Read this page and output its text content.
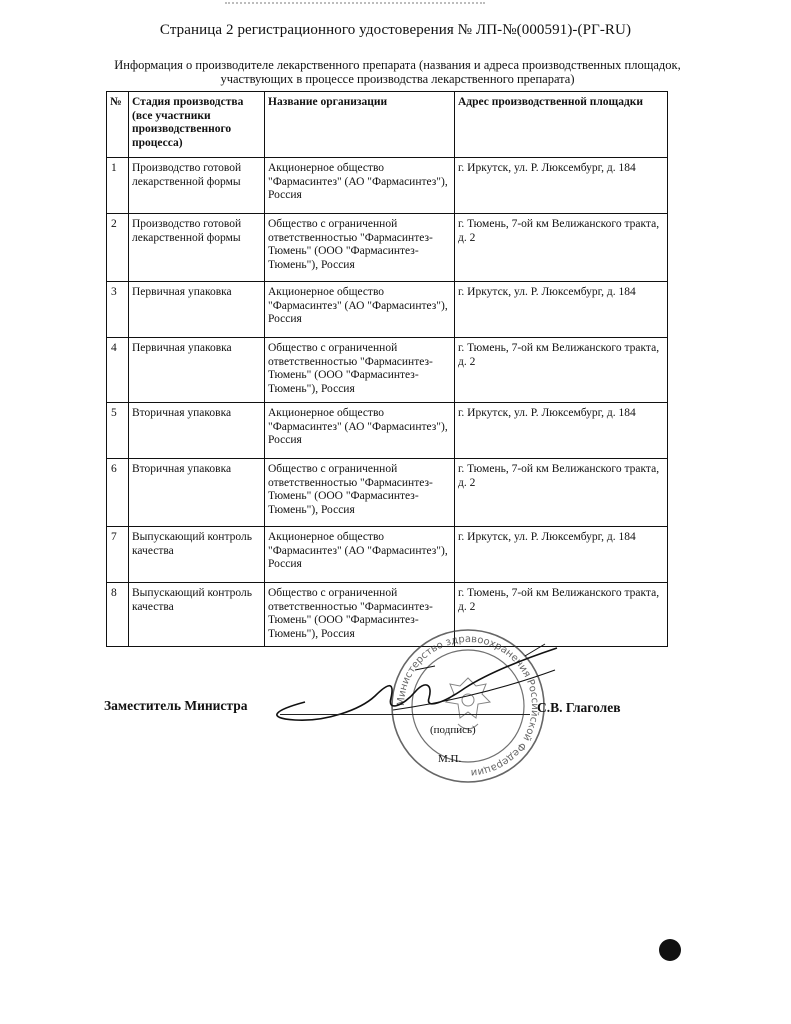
Страница 2 регистрационного удостоверения № ЛП-№(000591)-(РГ-RU)
Информация о производителе лекарственного препарата (названия и адреса производственных площадок,
участвующих в процессе производства лекарственного препарата)
№	Стадия производства (все участники производственного процесса)	Название организации	Адрес производственной площадки
1	Производство готовой лекарственной формы	Акционерное общество "Фармасинтез" (АО "Фармасинтез"), Россия	г. Иркутск, ул. Р. Люксембург, д. 184
2	Производство готовой лекарственной формы	Общество с ограниченной ответственностью "Фармасинтез-Тюмень" (ООО "Фармасинтез-Тюмень"), Россия	г. Тюмень, 7-ой км Велижанского тракта, д. 2
3	Первичная упаковка	Акционерное общество "Фармасинтез" (АО "Фармасинтез"), Россия	г. Иркутск, ул. Р. Люксембург, д. 184
4	Первичная упаковка	Общество с ограниченной ответственностью "Фармасинтез-Тюмень" (ООО "Фармасинтез-Тюмень"), Россия	г. Тюмень, 7-ой км Велижанского тракта, д. 2
5	Вторичная упаковка	Акционерное общество "Фармасинтез" (АО "Фармасинтез"), Россия	г. Иркутск, ул. Р. Люксембург, д. 184
6	Вторичная упаковка	Общество с ограниченной ответственностью "Фармасинтез-Тюмень" (ООО "Фармасинтез-Тюмень"), Россия	г. Тюмень, 7-ой км Велижанского тракта, д. 2
7	Выпускающий контроль качества	Акционерное общество "Фармасинтез" (АО "Фармасинтез"), Россия	г. Иркутск, ул. Р. Люксембург, д. 184
8	Выпускающий контроль качества	Общество с ограниченной ответственностью "Фармасинтез-Тюмень" (ООО "Фармасинтез-Тюмень"), Россия	г. Тюмень, 7-ой км Велижанского тракта, д. 2
Министерство здравоохранения Российской Федерации
Заместитель Министра	С.В. Глаголев
(подпись)
М.П.
